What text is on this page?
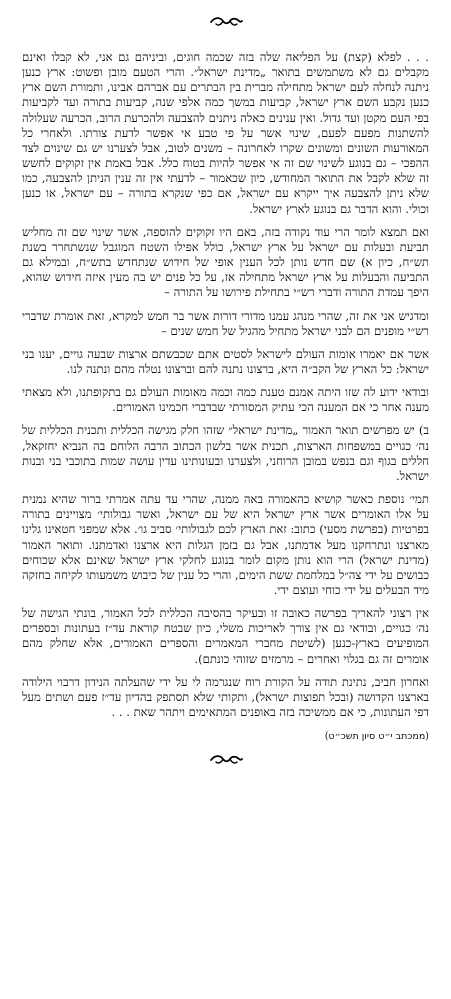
. . . לפלא (קצת) על הפליאה שלה בזה שכמה חוגים, וביניהם גם אני, לא קבלו ואינם מקבלים גם לא משתמשים בתואר „מדינת ישראל״. והרי הטעם מובן ופשוט: ארץ כנען ניתנה לנחלה לעם ישראל מתחילה מברית בין הבתרים עם אברהם אבינו, ותמורת השם ארץ כנען נקבע השם ארץ ישראל, קביעות במשך כמה אלפי שנה, קביעות בתורה ועד לקביעות בפי העם מקטן ועד גדול. ואין ענינים כאלה ניתנים להצבעה ולהכרעת הרוב, הכרעה שעלולה להשתנות מפעם לפעם, שינוי אשר על פי טבע אי אפשר לדעת צורתו. ולאחרי כל המאורעות השונים ומשונים שקרו לאחרונה – משנים לטוב, אבל לצערנו יש גם שינוים לצד ההפכי – גם בנוגע לשינוי שם זה אי אפשר להיות בטוח כלל. אבל באמת אין זקוקים לחשש זה שלא לקבל את התואר המחודש, כיון שכאמור – לדעתי אין זה ענין הניתן להצבעה, כמו שלא ניתן להצבעה איך ייקרא עם ישראל, אם כפי שנקרא בתורה – עם ישראל, או כנען וכולי. והוא הדבר גם בנוגע לארץ ישראל.

ואם תמצא לומר הרי עוד נקודה בזה, באם היו זקוקים להוספה, אשר שינוי שם זה מחליש תביעת ובעלות עם ישראל על ארץ ישראל, כולל אפילו השטח המוגבל שנשתחרר בשנת תש״ח, כיון א) שם חדש נותן לכל הענין אופי של חידוש שנתחדש בתש״ח, ובמילא גם התביעה והבעלות על ארץ ישראל מתחילה אז, על כל פנים יש בה מעין איזה חידוש שהוא, היפך עמדת התורה ודברי רש״י בתחילת פירושו על התורה –

ומדגיש אני את זה, שהרי מנהג עמנו מדורי דורות אשר בר חמש למקרא, זאת אומרת שדברי רש״י מופנים הם לבני ישראל מתחיל מהגיל של חמש שנים –

אשר אם יאמרו אומות העולם לישראל לסטים אתם שכבשתם ארצות שבעה גויים, יענו בני ישראל: כל הארץ של הקב״ה היא, ברצונו נתנה להם וברצונו נטלה מהם ונתנה לנו.

ובודאי ידוע לה שזו היתה אמנם טענת כמה וכמה מאומות העולם גם בתקופתנו, ולא מצאתי מענה אחר כי אם המענה הכי עתיק המסורתי שבדברי חכמינו האמורים.

ב) יש מפרשים תואר האמור „מדינת ישראל״ שזהו חלק מגישה הכללית ותכנית הכללית של נה׳ כגויים במשפחות הארצות, תכנית אשר בלשון הכתוב הרבה הלוחם בה הנביא יחזקאל, חללים בגוף וגם בנפש במובן הרוחני, ולצערנו ובעונותינו עדין עושה שמות בתוכבי בני ובנות ישראל.

תמי׳ נוספת כאשר קושיא כהאמורה באה ממנה, שהרי עד עתה אמרתי ברור שהיא נמנית על אלו האומרים אשר ארץ ישראל היא של עם ישראל, ואשר גבולותי׳ מצויינים בתורה בפרטיות (בפרשת מסעי) כתוב: זאת הארץ לכם לגבולותי׳ סביב גו׳. אלא שמפני חטאינו גלינו מארצנו ונתרחקנו מעל אדמתנו, אבל גם בזמן הגלות היא ארצנו ואדמתנו. ותואר האמור (מדינת ישראל) הרי הוא נותן מקום לומר בנוגע לחלקי ארץ ישראל שאינם אלא שכוחים כבושים על ידי צה״ל במלחמת ששת הימים, והרי כל ענין של כיבוש משמעותו לקיחה בחזקה מיד הבעלים על ידי כוחי ועוצם ידי.

אין רצוני להאריך בפרשה כאובה זו ובעיקר בהסיבה הכללית לכל האמור, בונתי הגישה של נה׳ כגויים, ובודאי גם אין צורך לאריכות משלי, כיון שבטח קוראת עד״ז בעתונות ובספרים המופיעים בארץ-כנען (לשיטת מחברי המאמרים והספרים האמורים, אלא שחלק מהם אומרים זה גם בגלוי ואחרים – מרמזים שזוהי כונתם).

ואחרון חביב, נתינת תודה על הקורת רוח שנגרמה לי על ידי שהעלתה הנידון דרבוי הילודה בארצנו הקדושה (ובכל תפוצות ישראל), ותקותי שלא תסתפק בהדיון עד״ז פעם ושתים מעל דפי העתונות, כי אם ממשיכה בזה באופנים המתאימים ויתהר שאת . . .

(ממכתב י״ט סיון תשכ״ט)
